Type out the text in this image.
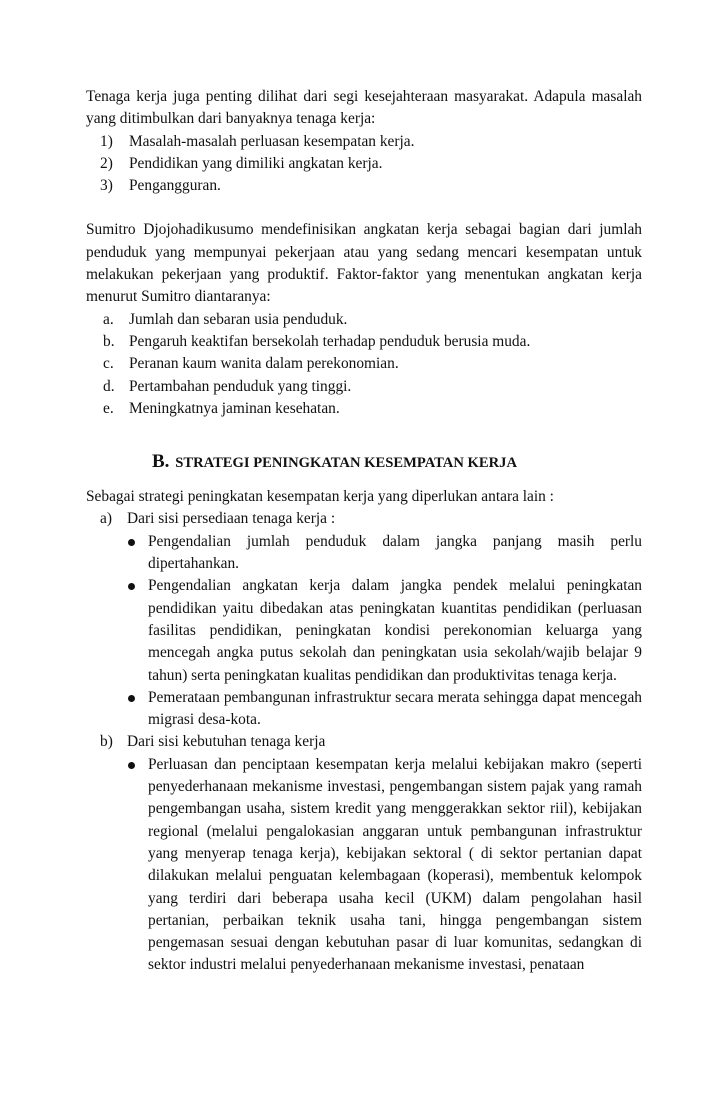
Tenaga kerja juga penting dilihat dari segi kesejahteraan masyarakat. Adapula masalah yang ditimbulkan dari banyaknya tenaga kerja:

1) Masalah-masalah perluasan kesempatan kerja.
2) Pendidikan yang dimiliki angkatan kerja.
3) Pengangguran.

Sumitro Djojohadikusumo mendefinisikan angkatan kerja sebagai bagian dari jumlah penduduk yang mempunyai pekerjaan atau yang sedang mencari kesempatan untuk melakukan pekerjaan yang produktif. Faktor-faktor yang menentukan angkatan kerja menurut Sumitro diantaranya:

a. Jumlah dan sebaran usia penduduk.
b. Pengaruh keaktifan bersekolah terhadap penduduk berusia muda.
c. Peranan kaum wanita dalam perekonomian.
d. Pertambahan penduduk yang tinggi.
e. Meningkatnya jaminan kesehatan.
B. STRATEGI PENINGKATAN KESEMPATAN KERJA

Sebagai strategi peningkatan kesempatan kerja yang diperlukan antara lain :

a) Dari sisi persediaan tenaga kerja :
Pengendalian jumlah penduduk dalam jangka panjang masih perlu dipertahankan.
Pengendalian angkatan kerja dalam jangka pendek melalui peningkatan pendidikan yaitu dibedakan atas peningkatan kuantitas pendidikan (perluasan fasilitas pendidikan, peningkatan kondisi perekonomian keluarga yang mencegah angka putus sekolah dan peningkatan usia sekolah/wajib belajar 9 tahun) serta peningkatan kualitas pendidikan dan produktivitas tenaga kerja.
Pemerataan pembangunan infrastruktur secara merata sehingga dapat mencegah migrasi desa-kota.
b) Dari sisi kebutuhan tenaga kerja
Perluasan dan penciptaan kesempatan kerja melalui kebijakan makro (seperti penyederhanaan mekanisme investasi, pengembangan sistem pajak yang ramah pengembangan usaha, sistem kredit yang menggerakkan sektor riil), kebijakan regional (melalui pengalokasian anggaran untuk pembangunan infrastruktur yang menyerap tenaga kerja), kebijakan sektoral ( di sektor pertanian dapat dilakukan melalui penguatan kelembagaan (koperasi), membentuk kelompok yang terdiri dari beberapa usaha kecil (UKM) dalam pengolahan hasil pertanian, perbaikan teknik usaha tani, hingga pengembangan sistem pengemasan sesuai dengan kebutuhan pasar di luar komunitas, sedangkan di sektor industri melalui penyederhanaan mekanisme investasi, penataan
